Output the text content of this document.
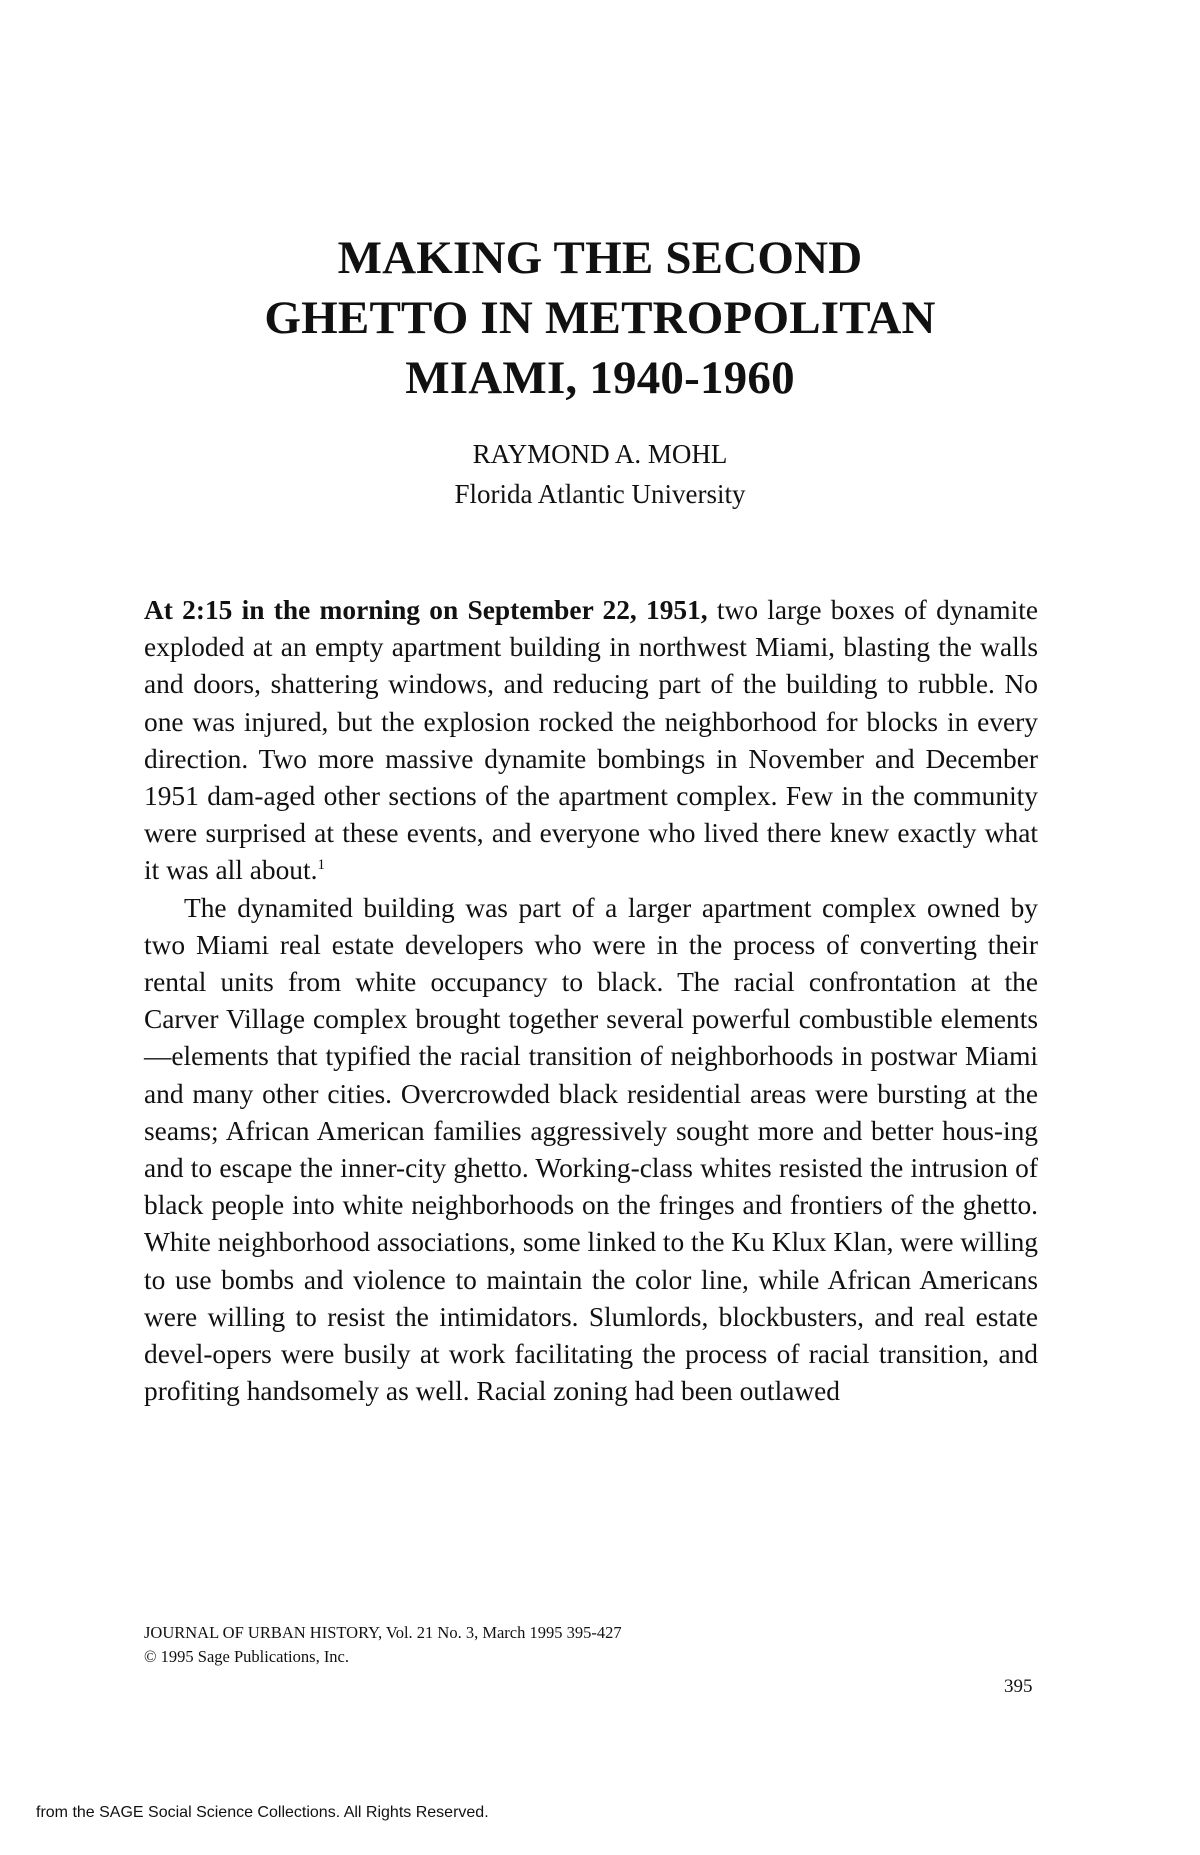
MAKING THE SECOND
GHETTO IN METROPOLITAN
MIAMI, 1940-1960
RAYMOND A. MOHL
Florida Atlantic University

At 2:15 in the morning on September 22, 1951, two large boxes of dynamite exploded at an empty apartment building in northwest Miami, blasting the walls and doors, shattering windows, and reducing part of the building to rubble. No one was injured, but the explosion rocked the neighborhood for blocks in every direction. Two more massive dynamite bombings in November and December 1951 dam-aged other sections of the apartment complex. Few in the community were surprised at these events, and everyone who lived there knew exactly what it was all about.$^1$

The dynamited building was part of a larger apartment complex owned by two Miami real estate developers who were in the process of converting their rental units from white occupancy to black. The racial confrontation at the Carver Village complex brought together several powerful combustible elements—elements that typified the racial transition of neighborhoods in postwar Miami and many other cities. Overcrowded black residential areas were bursting at the seams; African American families aggressively sought more and better hous-ing and to escape the inner-city ghetto. Working-class whites resisted the intrusion of black people into white neighborhoods on the fringes and frontiers of the ghetto. White neighborhood associations, some linked to the Ku Klux Klan, were willing to use bombs and violence to maintain the color line, while African Americans were willing to resist the intimidators. Slumlords, blockbusters, and real estate devel-opers were busily at work facilitating the process of racial transition, and profiting handsomely as well. Racial zoning had been outlawed

JOURNAL OF URBAN HISTORY, Vol. 21 No. 3, March 1995 395-427
© 1995 Sage Publications, Inc.
395
from the SAGE Social Science Collections. All Rights Reserved.
